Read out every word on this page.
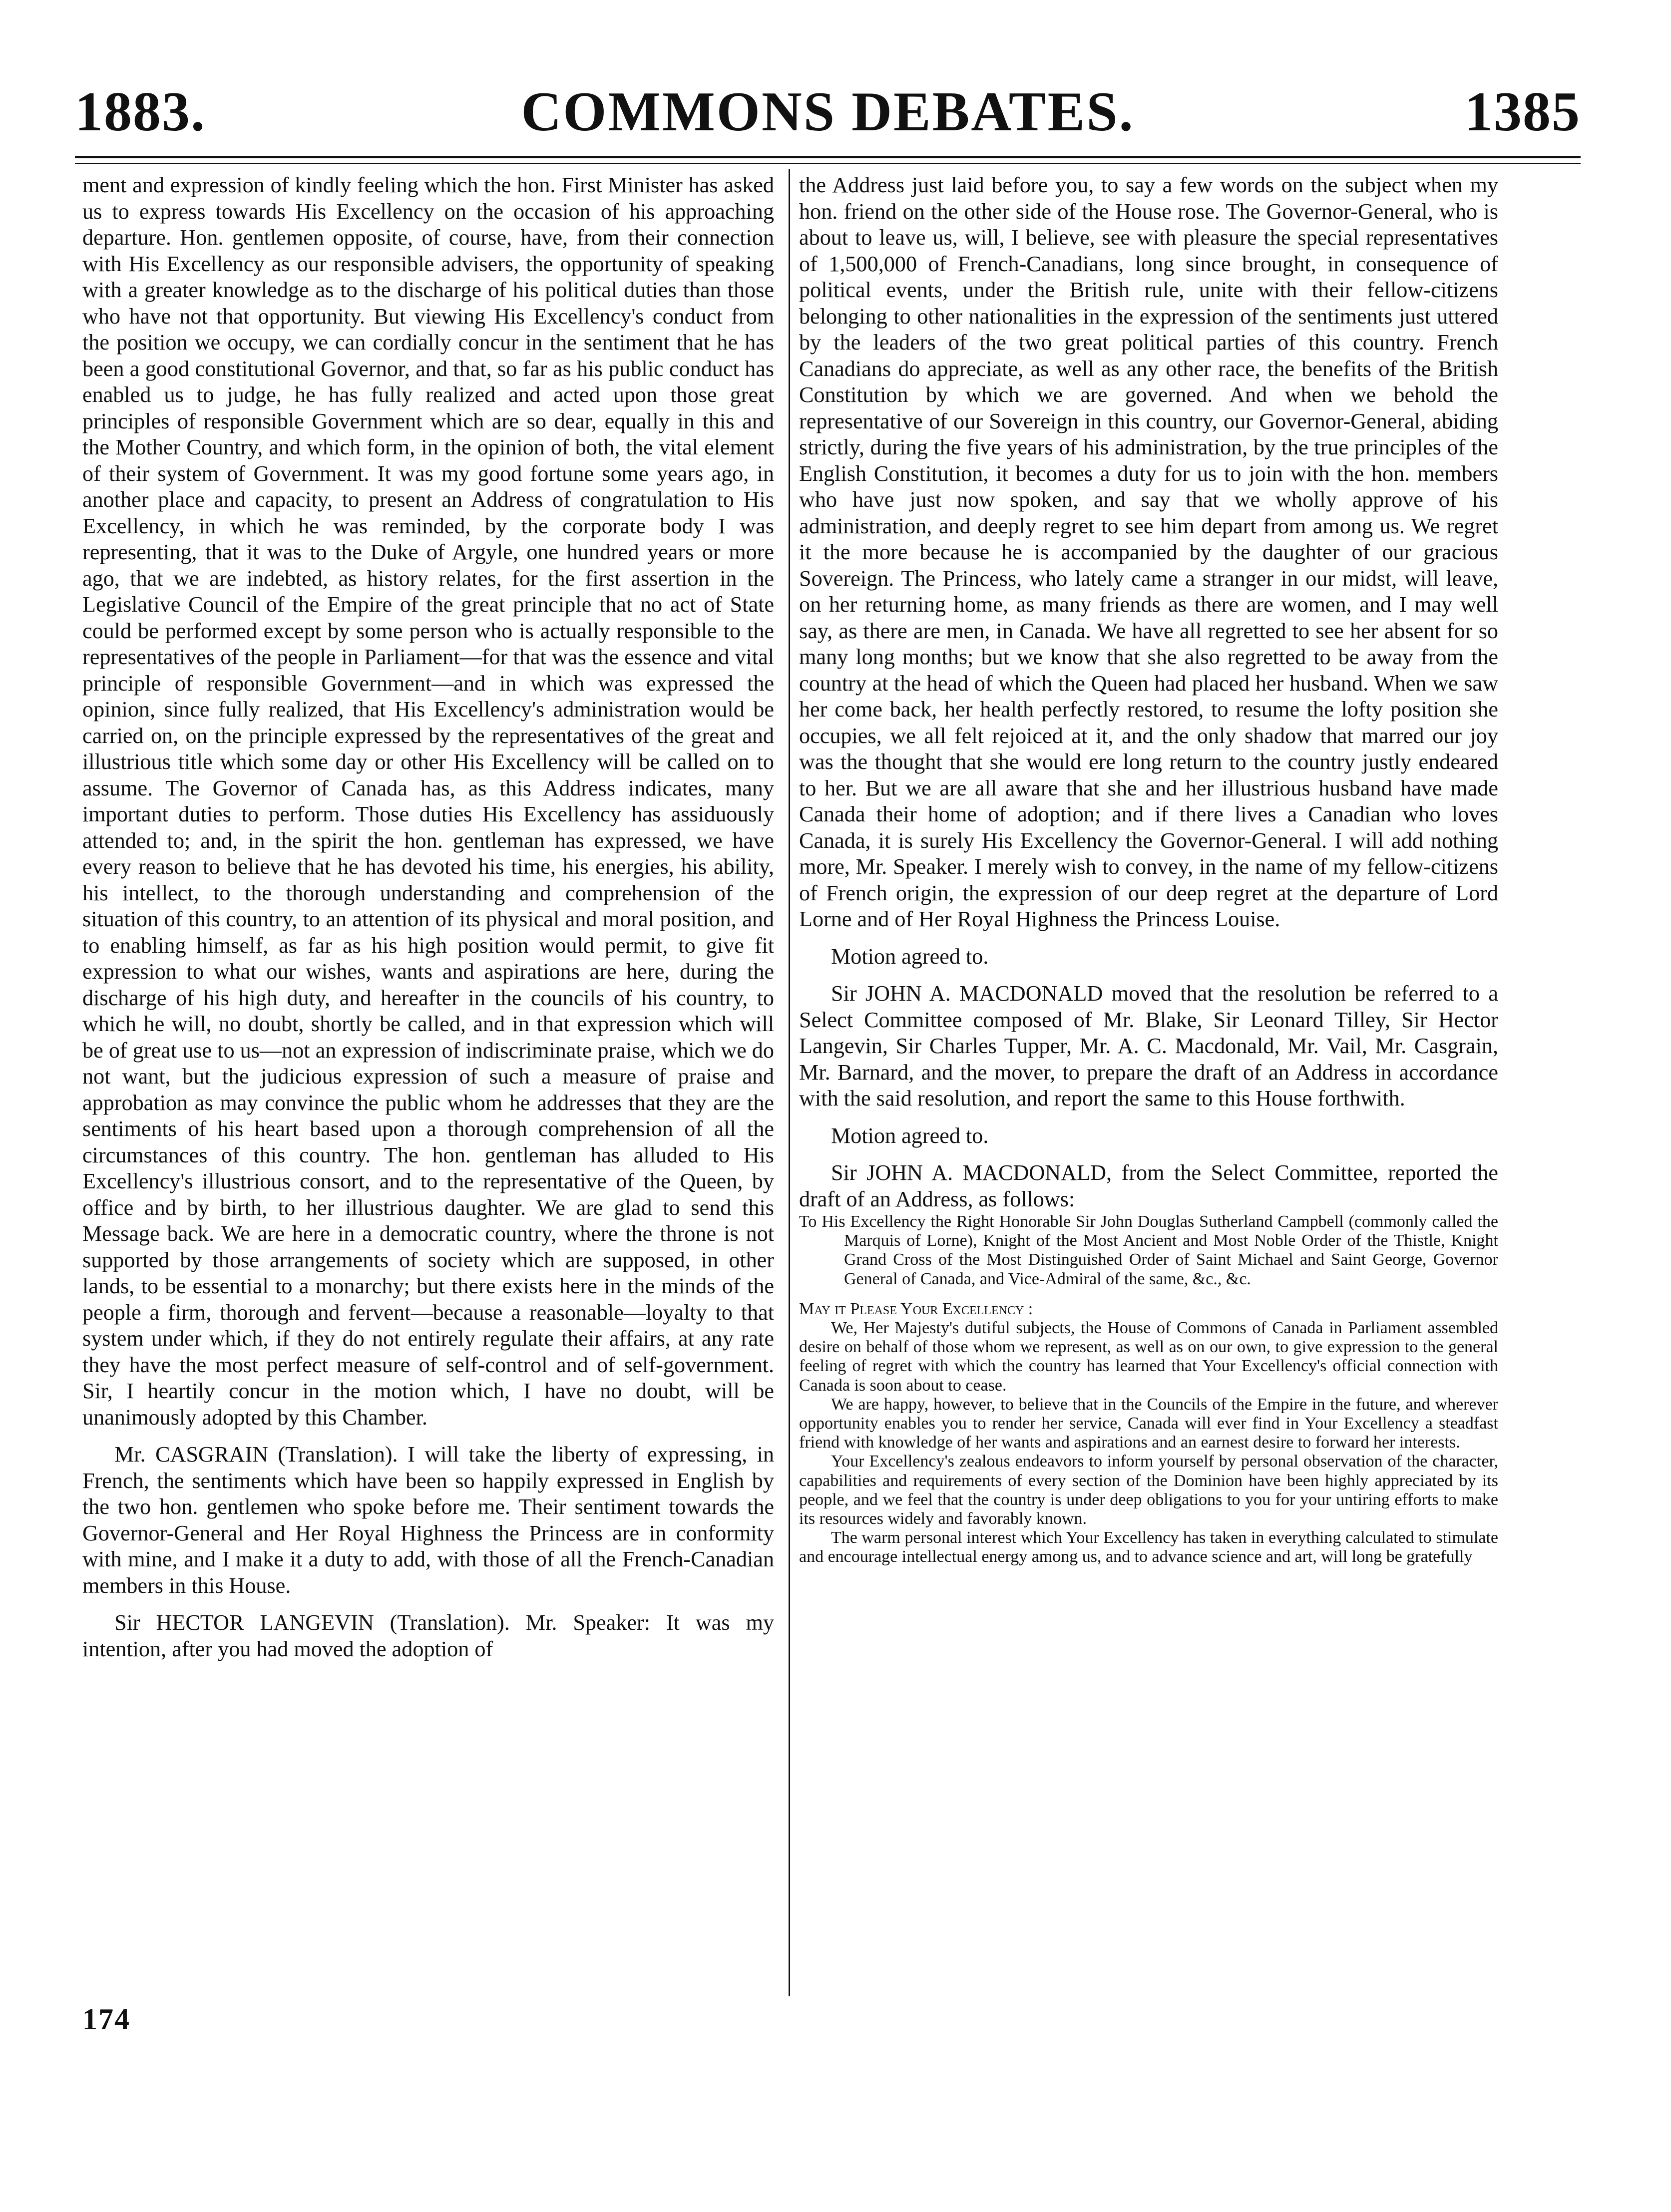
1883.	COMMONS DEBATES.	1385

ment and expression of kindly feeling which the hon. First Minister has asked us to express towards His Excellency on the occasion of his approaching departure. Hon. gentlemen opposite, of course, have, from their connection with His Excellency as our responsible advisers, the opportunity of speaking with a greater knowledge as to the discharge of his political duties than those who have not that opportunity. But viewing His Excellency's conduct from the position we occupy, we can cordially concur in the sentiment that he has been a good constitutional Governor, and that, so far as his public conduct has enabled us to judge, he has fully realized and acted upon those great principles of responsible Government which are so dear, equally in this and the Mother Country, and which form, in the opinion of both, the vital element of their system of Government. It was my good fortune some years ago, in another place and capacity, to present an Address of congratulation to His Excellency, in which he was reminded, by the corporate body I was representing, that it was to the Duke of Argyle, one hundred years or more ago, that we are indebted, as history relates, for the first assertion in the Legislative Council of the Empire of the great principle that no act of State could be performed except by some person who is actually responsible to the representatives of the people in Parliament—for that was the essence and vital principle of responsible Government—and in which was expressed the opinion, since fully realized, that His Excellency's administration would be carried on, on the principle expressed by the representatives of the great and illustrious title which some day or other His Excellency will be called on to assume. The Governor of Canada has, as this Address indicates, many important duties to perform. Those duties His Excellency has assiduously attended to; and, in the spirit the hon. gentleman has expressed, we have every reason to believe that he has devoted his time, his energies, his ability, his intellect, to the thorough understanding and comprehension of the situation of this country, to an attention of its physical and moral position, and to enabling himself, as far as his high position would permit, to give fit expression to what our wishes, wants and aspirations are here, during the discharge of his high duty, and hereafter in the councils of his country, to which he will, no doubt, shortly be called, and in that expression which will be of great use to us—not an expression of indiscriminate praise, which we do not want, but the judicious expression of such a measure of praise and approbation as may convince the public whom he addresses that they are the sentiments of his heart based upon a thorough comprehension of all the circumstances of this country. The hon. gentleman has alluded to His Excellency's illustrious consort, and to the representative of the Queen, by office and by birth, to her illustrious daughter. We are glad to send this Message back. We are here in a democratic country, where the throne is not supported by those arrangements of society which are supposed, in other lands, to be essential to a monarchy; but there exists here in the minds of the people a firm, thorough and fervent—because a reasonable—loyalty to that system under which, if they do not entirely regulate their affairs, at any rate they have the most perfect measure of self-control and of self-government. Sir, I heartily concur in the motion which, I have no doubt, will be unanimously adopted by this Chamber.

Mr. CASGRAIN (Translation). I will take the liberty of expressing, in French, the sentiments which have been so happily expressed in English by the two hon. gentlemen who spoke before me. Their sentiment towards the Governor-General and Her Royal Highness the Princess are in conformity with mine, and I make it a duty to add, with those of all the French-Canadian members in this House.

Sir HECTOR LANGEVIN (Translation). Mr. Speaker: It was my intention, after you had moved the adoption of

the Address just laid before you, to say a few words on the subject when my hon. friend on the other side of the House rose. The Governor-General, who is about to leave us, will, I believe, see with pleasure the special representatives of 1,500,000 of French-Canadians, long since brought, in consequence of political events, under the British rule, unite with their fellow-citizens belonging to other nationalities in the expression of the sentiments just uttered by the leaders of the two great political parties of this country. French Canadians do appreciate, as well as any other race, the benefits of the British Constitution by which we are governed. And when we behold the representative of our Sovereign in this country, our Governor-General, abiding strictly, during the five years of his administration, by the true principles of the English Constitution, it becomes a duty for us to join with the hon. members who have just now spoken, and say that we wholly approve of his administration, and deeply regret to see him depart from among us. We regret it the more because he is accompanied by the daughter of our gracious Sovereign. The Princess, who lately came a stranger in our midst, will leave, on her returning home, as many friends as there are women, and I may well say, as there are men, in Canada. We have all regretted to see her absent for so many long months; but we know that she also regretted to be away from the country at the head of which the Queen had placed her husband. When we saw her come back, her health perfectly restored, to resume the lofty position she occupies, we all felt rejoiced at it, and the only shadow that marred our joy was the thought that she would ere long return to the country justly endeared to her. But we are all aware that she and her illustrious husband have made Canada their home of adoption; and if there lives a Canadian who loves Canada, it is surely His Excellency the Governor-General. I will add nothing more, Mr. Speaker. I merely wish to convey, in the name of my fellow-citizens of French origin, the expression of our deep regret at the departure of Lord Lorne and of Her Royal Highness the Princess Louise.

Motion agreed to.

Sir JOHN A. MACDONALD moved that the resolution be referred to a Select Committee composed of Mr. Blake, Sir Leonard Tilley, Sir Hector Langevin, Sir Charles Tupper, Mr. A. C. Macdonald, Mr. Vail, Mr. Casgrain, Mr. Barnard, and the mover, to prepare the draft of an Address in accordance with the said resolution, and report the same to this House forthwith.

Motion agreed to.

Sir JOHN A. MACDONALD, from the Select Committee, reported the draft of an Address, as follows:

To His Excellency the Right Honorable Sir John Douglas Sutherland Campbell (commonly called the Marquis of Lorne), Knight of the Most Ancient and Most Noble Order of the Thistle, Knight Grand Cross of the Most Distinguished Order of Saint Michael and Saint George, Governor General of Canada, and Vice-Admiral of the same, &c., &c.

May it Please Your Excellency :

We, Her Majesty's dutiful subjects, the House of Commons of Canada in Parliament assembled desire on behalf of those whom we represent, as well as on our own, to give expression to the general feeling of regret with which the country has learned that Your Excellency's official connection with Canada is soon about to cease.

We are happy, however, to believe that in the Councils of the Empire in the future, and wherever opportunity enables you to render her service, Canada will ever find in Your Excellency a steadfast friend with knowledge of her wants and aspirations and an earnest desire to forward her interests.

Your Excellency's zealous endeavors to inform yourself by personal observation of the character, capabilities and requirements of every section of the Dominion have been highly appreciated by its people, and we feel that the country is under deep obligations to you for your untiring efforts to make its resources widely and favorably known.

The warm personal interest which Your Excellency has taken in everything calculated to stimulate and encourage intellectual energy among us, and to advance science and art, will long be gratefully

174
